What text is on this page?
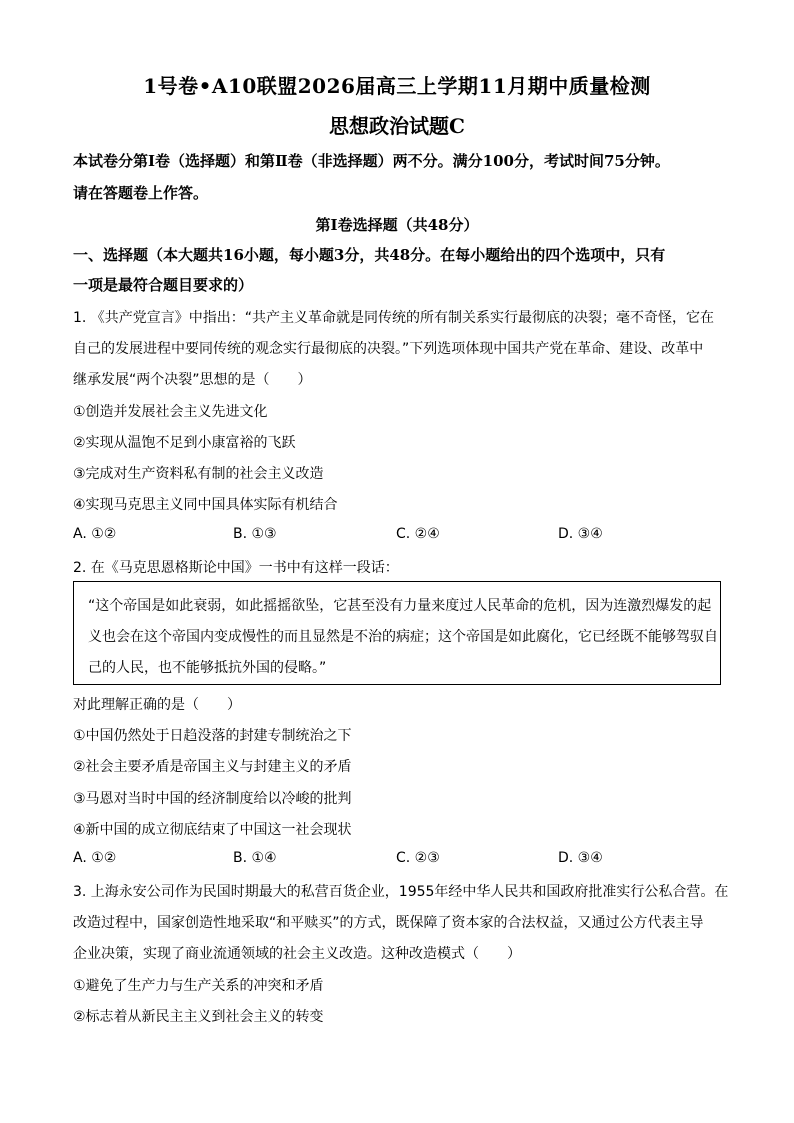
1号卷•A10联盟2026届高三上学期11月期中质量检测
思想政治试题C
本试卷分第Ⅰ卷（选择题）和第Ⅱ卷（非选择题）两不分。满分100分，考试时间75分钟。
请在答题卷上作答。
第Ⅰ卷选择题（共48分）
一、选择题（本大题共16小题，每小题3分，共48分。在每小题给出的四个选项中，只有
一项是最符合题目要求的）
1. 《共产党宣言》中指出：“共产主义革命就是同传统的所有制关系实行最彻底的决裂；毫不奇怪，它在
自己的发展进程中要同传统的观念实行最彻底的决裂。”下列选项体现中国共产党在革命、建设、改革中
继承发展“两个决裂”思想的是（　　）
①创造并发展社会主义先进文化
②实现从温饱不足到小康富裕的飞跃
③完成对生产资料私有制的社会主义改造
④实现马克思主义同中国具体实际有机结合
A. ①②	B. ①③	C. ②④	D. ③④
2. 在《马克思恩格斯论中国》一书中有这样一段话：
“这个帝国是如此衰弱，如此摇摇欲坠，它甚至没有力量来度过人民革命的危机，因为连激烈爆发的起
义也会在这个帝国内变成慢性的而且显然是不治的病症；这个帝国是如此腐化，它已经既不能够驾驭自
己的人民，也不能够抵抗外国的侵略。”
对此理解正确的是（　　）
①中国仍然处于日趋没落的封建专制统治之下
②社会主要矛盾是帝国主义与封建主义的矛盾
③马恩对当时中国的经济制度给以冷峻的批判
④新中国的成立彻底结束了中国这一社会现状
A. ①②	B. ①④	C. ②③	D. ③④
3. 上海永安公司作为民国时期最大的私营百货企业，1955年经中华人民共和国政府批准实行公私合营。在
改造过程中，国家创造性地采取“和平赎买”的方式，既保障了资本家的合法权益，又通过公方代表主导
企业决策，实现了商业流通领域的社会主义改造。这种改造模式（　　）
①避免了生产力与生产关系的冲突和矛盾
②标志着从新民主主义到社会主义的转变
